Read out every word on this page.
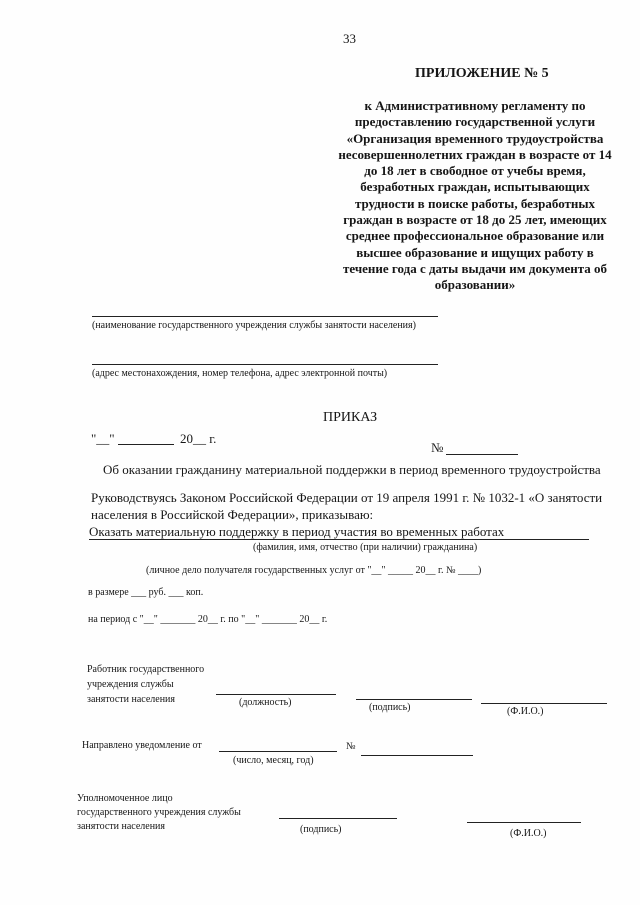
33
ПРИЛОЖЕНИЕ № 5
к Административному регламенту по
предоставлению государственной услуги
«Организация временного трудоустройства
несовершеннолетних граждан в возрасте от 14
до 18 лет в свободное от учебы время,
безработных граждан, испытывающих
трудности в поиске работы, безработных
граждан в возрасте от 18 до 25 лет, имеющих
среднее профессиональное образование или
высшее образование и ищущих работу в
течение года с даты выдачи им документа об
образовании»
(наименование государственного учреждения службы занятости населения)
(адрес местонахождения, номер телефона, адрес электронной почты)
ПРИКАЗ
"__"	20__ г.
№
Об оказании гражданину материальной поддержки в период временного трудоустройства
Руководствуясь Законом Российской Федерации от 19 апреля 1991 г. № 1032-1 «О занятости
населения в Российской Федерации», приказываю:
Оказать материальную поддержку в период участия во временных работах
(фамилия, имя, отчество (при наличии) гражданина)
(личное дело получателя государственных услуг от "__" _____ 20__ г. № ____)
в размере ___ руб. ___ коп.
на период с "__" _______ 20__ г. по "__" _______ 20__ г.
Работник государственного
учреждения службы
занятости населения	(должность)	(подпись)	(Ф.И.О.)
Направлено уведомление от	№
(число, месяц, год)
Уполномоченное лицо
государственного учреждения службы
занятости населения	(подпись)	(Ф.И.О.)
